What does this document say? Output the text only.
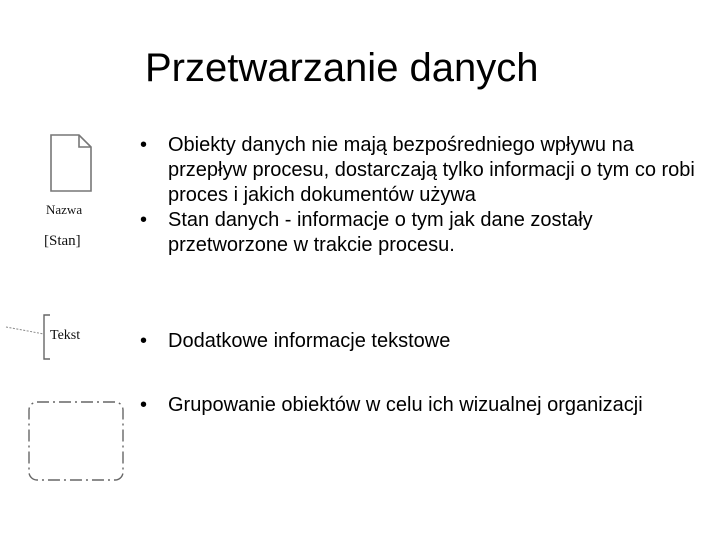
Przetwarzanie danych
Nazwa
[Stan]
Tekst

• Obiekty danych nie mają bezpośredniego wpływu na przepływ procesu, dostarczają tylko informacji o tym co robi proces i jakich dokumentów używa

• Stan danych - informacje o tym jak dane zostały przetworzone w trakcie procesu.

• Dodatkowe informacje tekstowe

• Grupowanie obiektów w celu ich wizualnej organizacji
